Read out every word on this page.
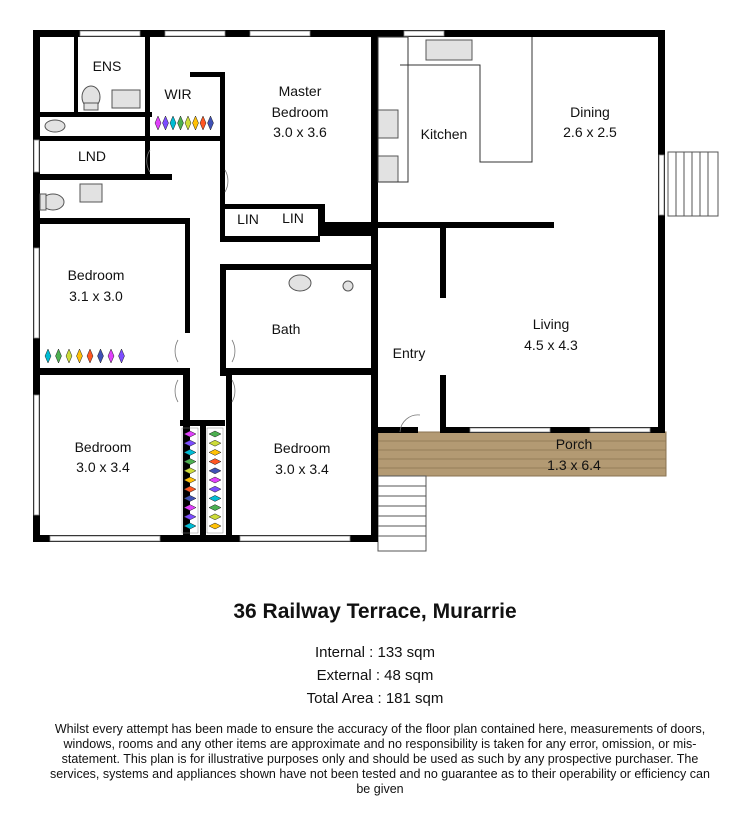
ENS
WIR
LND
Master
Bedroom
3.0 x 3.6	Kitchen
Dining
2.6 x 2.5
LIN LIN
Bedroom
3.1 x 3.0
Bath
Entry
Living
4.5 x 4.3
Bedroom
3.0 x 3.4
Bedroom
3.0 x 3.4
Porch
1.3 x 6.4
36 Railway Terrace, Murarrie
Internal : 133 sqm
External : 48 sqm
Total Area : 181 sqm
Whilst every attempt has been made to ensure the accuracy of the floor plan contained here, measurements of doors, windows, rooms and any other items are approximate and no responsibility is taken for any error, omission, or mis-statement. This plan is for illustrative purposes only and should be used as such by any prospective purchaser. The services, systems and appliances shown have not been tested and no guarantee as to their operability or efficiency can be given
